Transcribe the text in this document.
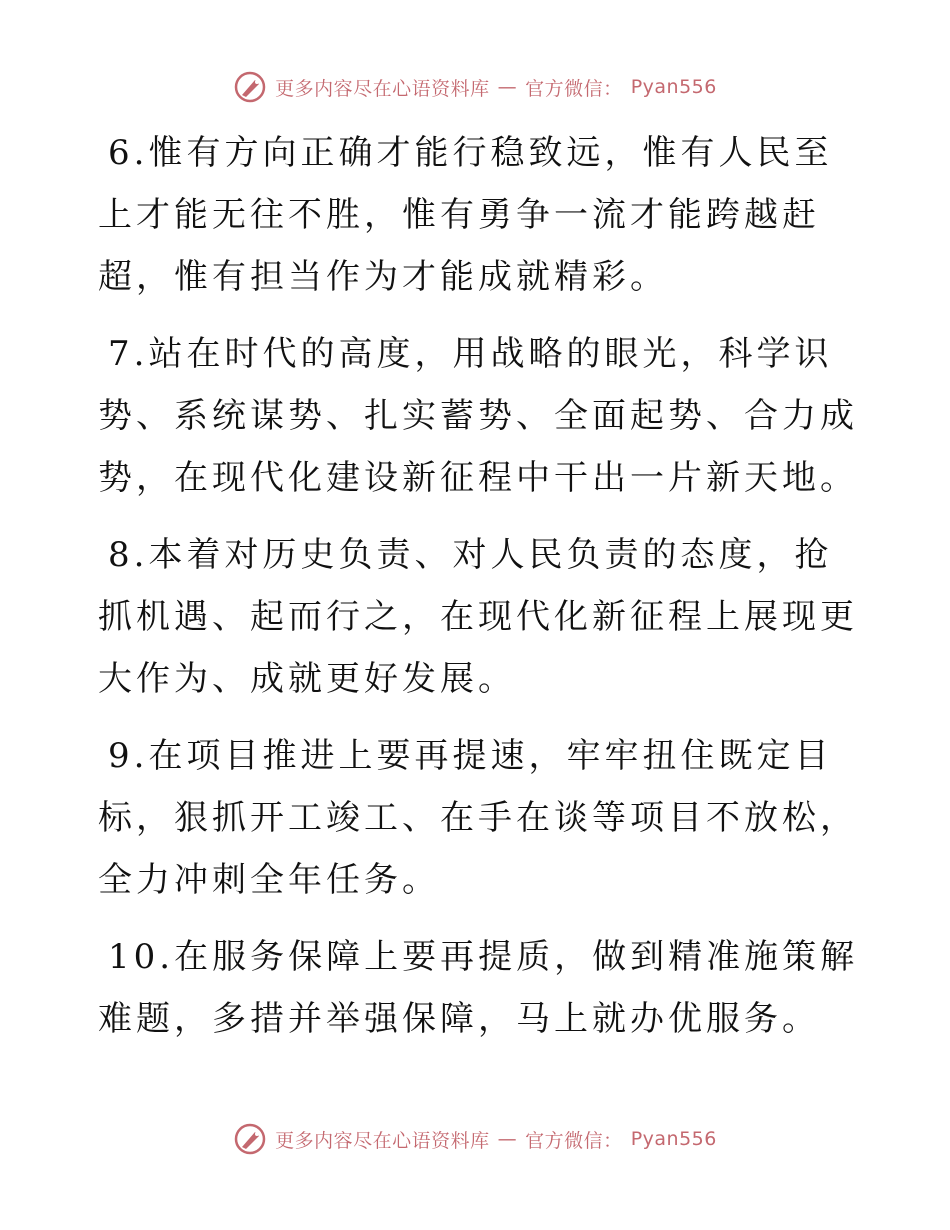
更多内容尽在心语资料库 — 官方微信： Pyan556

6.惟有方向正确才能行稳致远，惟有人民至上才能无往不胜，惟有勇争一流才能跨越赶超，惟有担当作为才能成就精彩。

7.站在时代的高度，用战略的眼光，科学识势、系统谋势、扎实蓄势、全面起势、合力成势，在现代化建设新征程中干出一片新天地。

8.本着对历史负责、对人民负责的态度，抢抓机遇、起而行之，在现代化新征程上展现更大作为、成就更好发展。

9.在项目推进上要再提速，牢牢扭住既定目标，狠抓开工竣工、在手在谈等项目不放松，全力冲刺全年任务。

10.在服务保障上要再提质，做到精准施策解难题，多措并举强保障，马上就办优服务。

更多内容尽在心语资料库 — 官方微信： Pyan556
